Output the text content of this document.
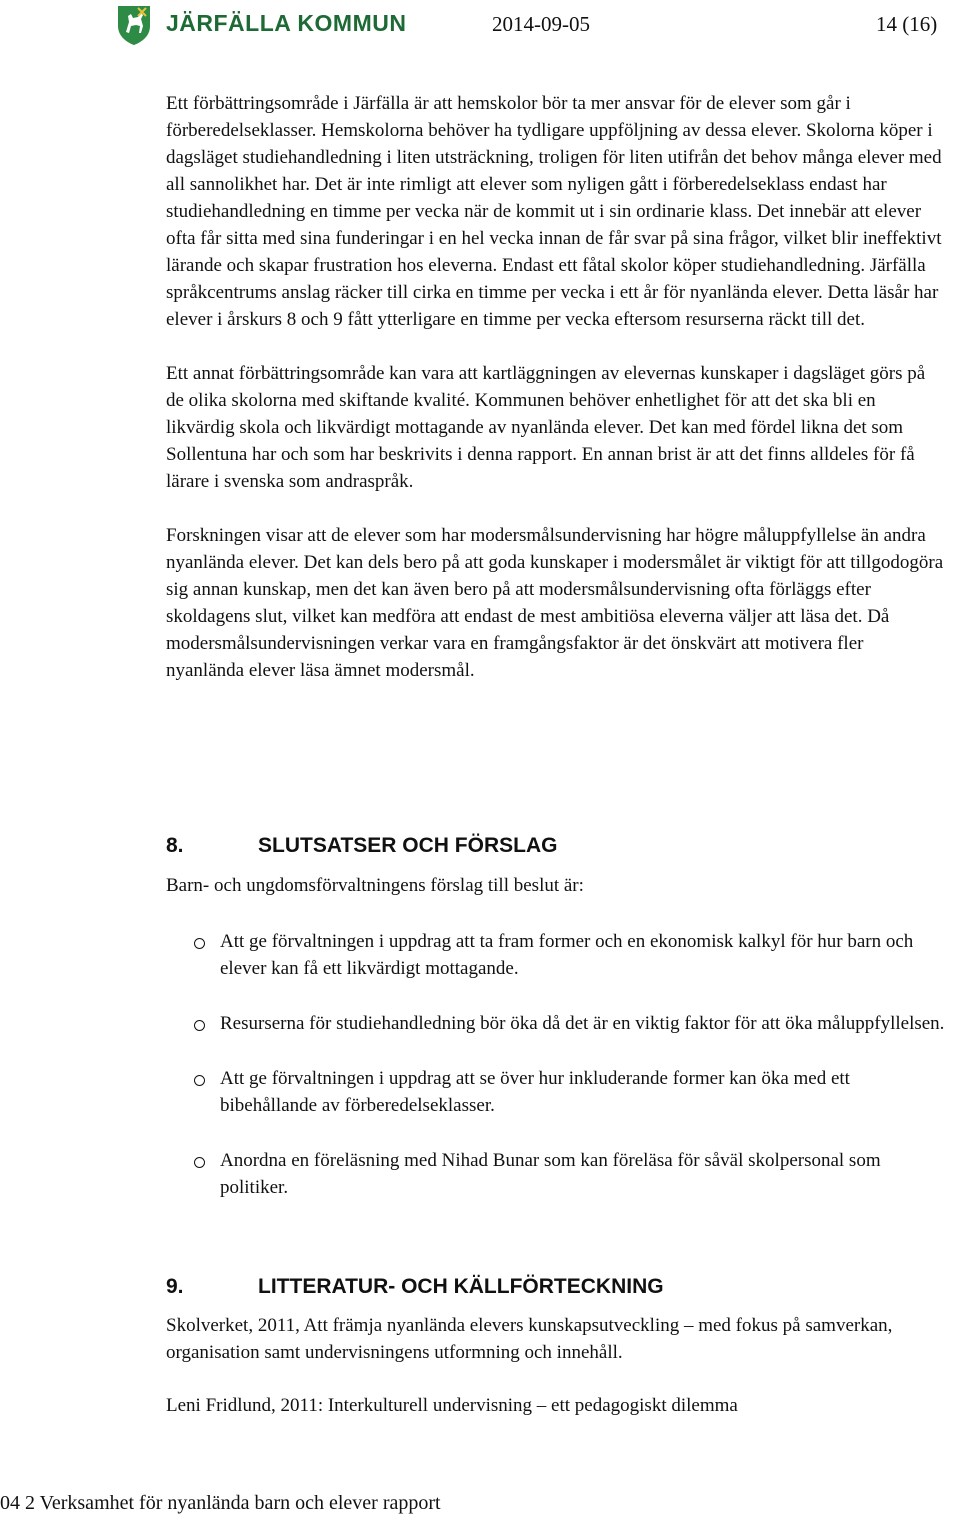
JÄRFÄLLA KOMMUN	2014-09-05	14 (16)

Ett förbättringsområde i Järfälla är att hemskolor bör ta mer ansvar för de elever som går i förberedelseklasser. Hemskolorna behöver ha tydligare uppföljning av dessa elever. Skolorna köper i dagsläget studiehandledning i liten utsträckning, troligen för liten utifrån det behov många elever med all sannolikhet har. Det är inte rimligt att elever som nyligen gått i förberedelseklass endast har studiehandledning en timme per vecka när de kommit ut i sin ordinarie klass. Det innebär att elever ofta får sitta med sina funderingar i en hel vecka innan de får svar på sina frågor, vilket blir ineffektivt lärande och skapar frustration hos eleverna. Endast ett fåtal skolor köper studiehandledning. Järfälla språkcentrums anslag räcker till cirka en timme per vecka i ett år för nyanlända elever. Detta läsår har elever i årskurs 8 och 9 fått ytterligare en timme per vecka eftersom resurserna räckt till det.

Ett annat förbättringsområde kan vara att kartläggningen av elevernas kunskaper i dagsläget görs på de olika skolorna med skiftande kvalité. Kommunen behöver enhetlighet för att det ska bli en likvärdig skola och likvärdigt mottagande av nyanlända elever. Det kan med fördel likna det som Sollentuna har och som har beskrivits i denna rapport. En annan brist är att det finns alldeles för få lärare i svenska som andraspråk.

Forskningen visar att de elever som har modersmålsundervisning har högre måluppfyllelse än andra nyanlända elever. Det kan dels bero på att goda kunskaper i modersmålet är viktigt för att tillgodogöra sig annan kunskap, men det kan även bero på att modersmålsundervisning ofta förläggs efter skoldagens slut, vilket kan medföra att endast de mest ambitiösa eleverna väljer att läsa det. Då modersmålsundervisningen verkar vara en framgångsfaktor är det önskvärt att motivera fler nyanlända elever läsa ämnet modersmål.

8.	SLUTSATSER OCH FÖRSLAG
Barn- och ungdomsförvaltningens förslag till beslut är:
Att ge förvaltningen i uppdrag att ta fram former och en ekonomisk kalkyl för hur barn och elever kan få ett likvärdigt mottagande.
Resurserna för studiehandledning bör öka då det är en viktig faktor för att öka måluppfyllelsen.
Att ge förvaltningen i uppdrag att se över hur inkluderande former kan öka med ett bibehållande av förberedelseklasser.
Anordna en föreläsning med Nihad Bunar som kan föreläsa för såväl skolpersonal som politiker.
9.	LITTERATUR- OCH KÄLLFÖRTECKNING
Skolverket, 2011, Att främja nyanlända elevers kunskapsutveckling – med fokus på samverkan, organisation samt undervisningens utformning och innehåll.
Leni Fridlund, 2011: Interkulturell undervisning – ett pedagogiskt dilemma
04 2 Verksamhet för nyanlända barn och elever rapport
